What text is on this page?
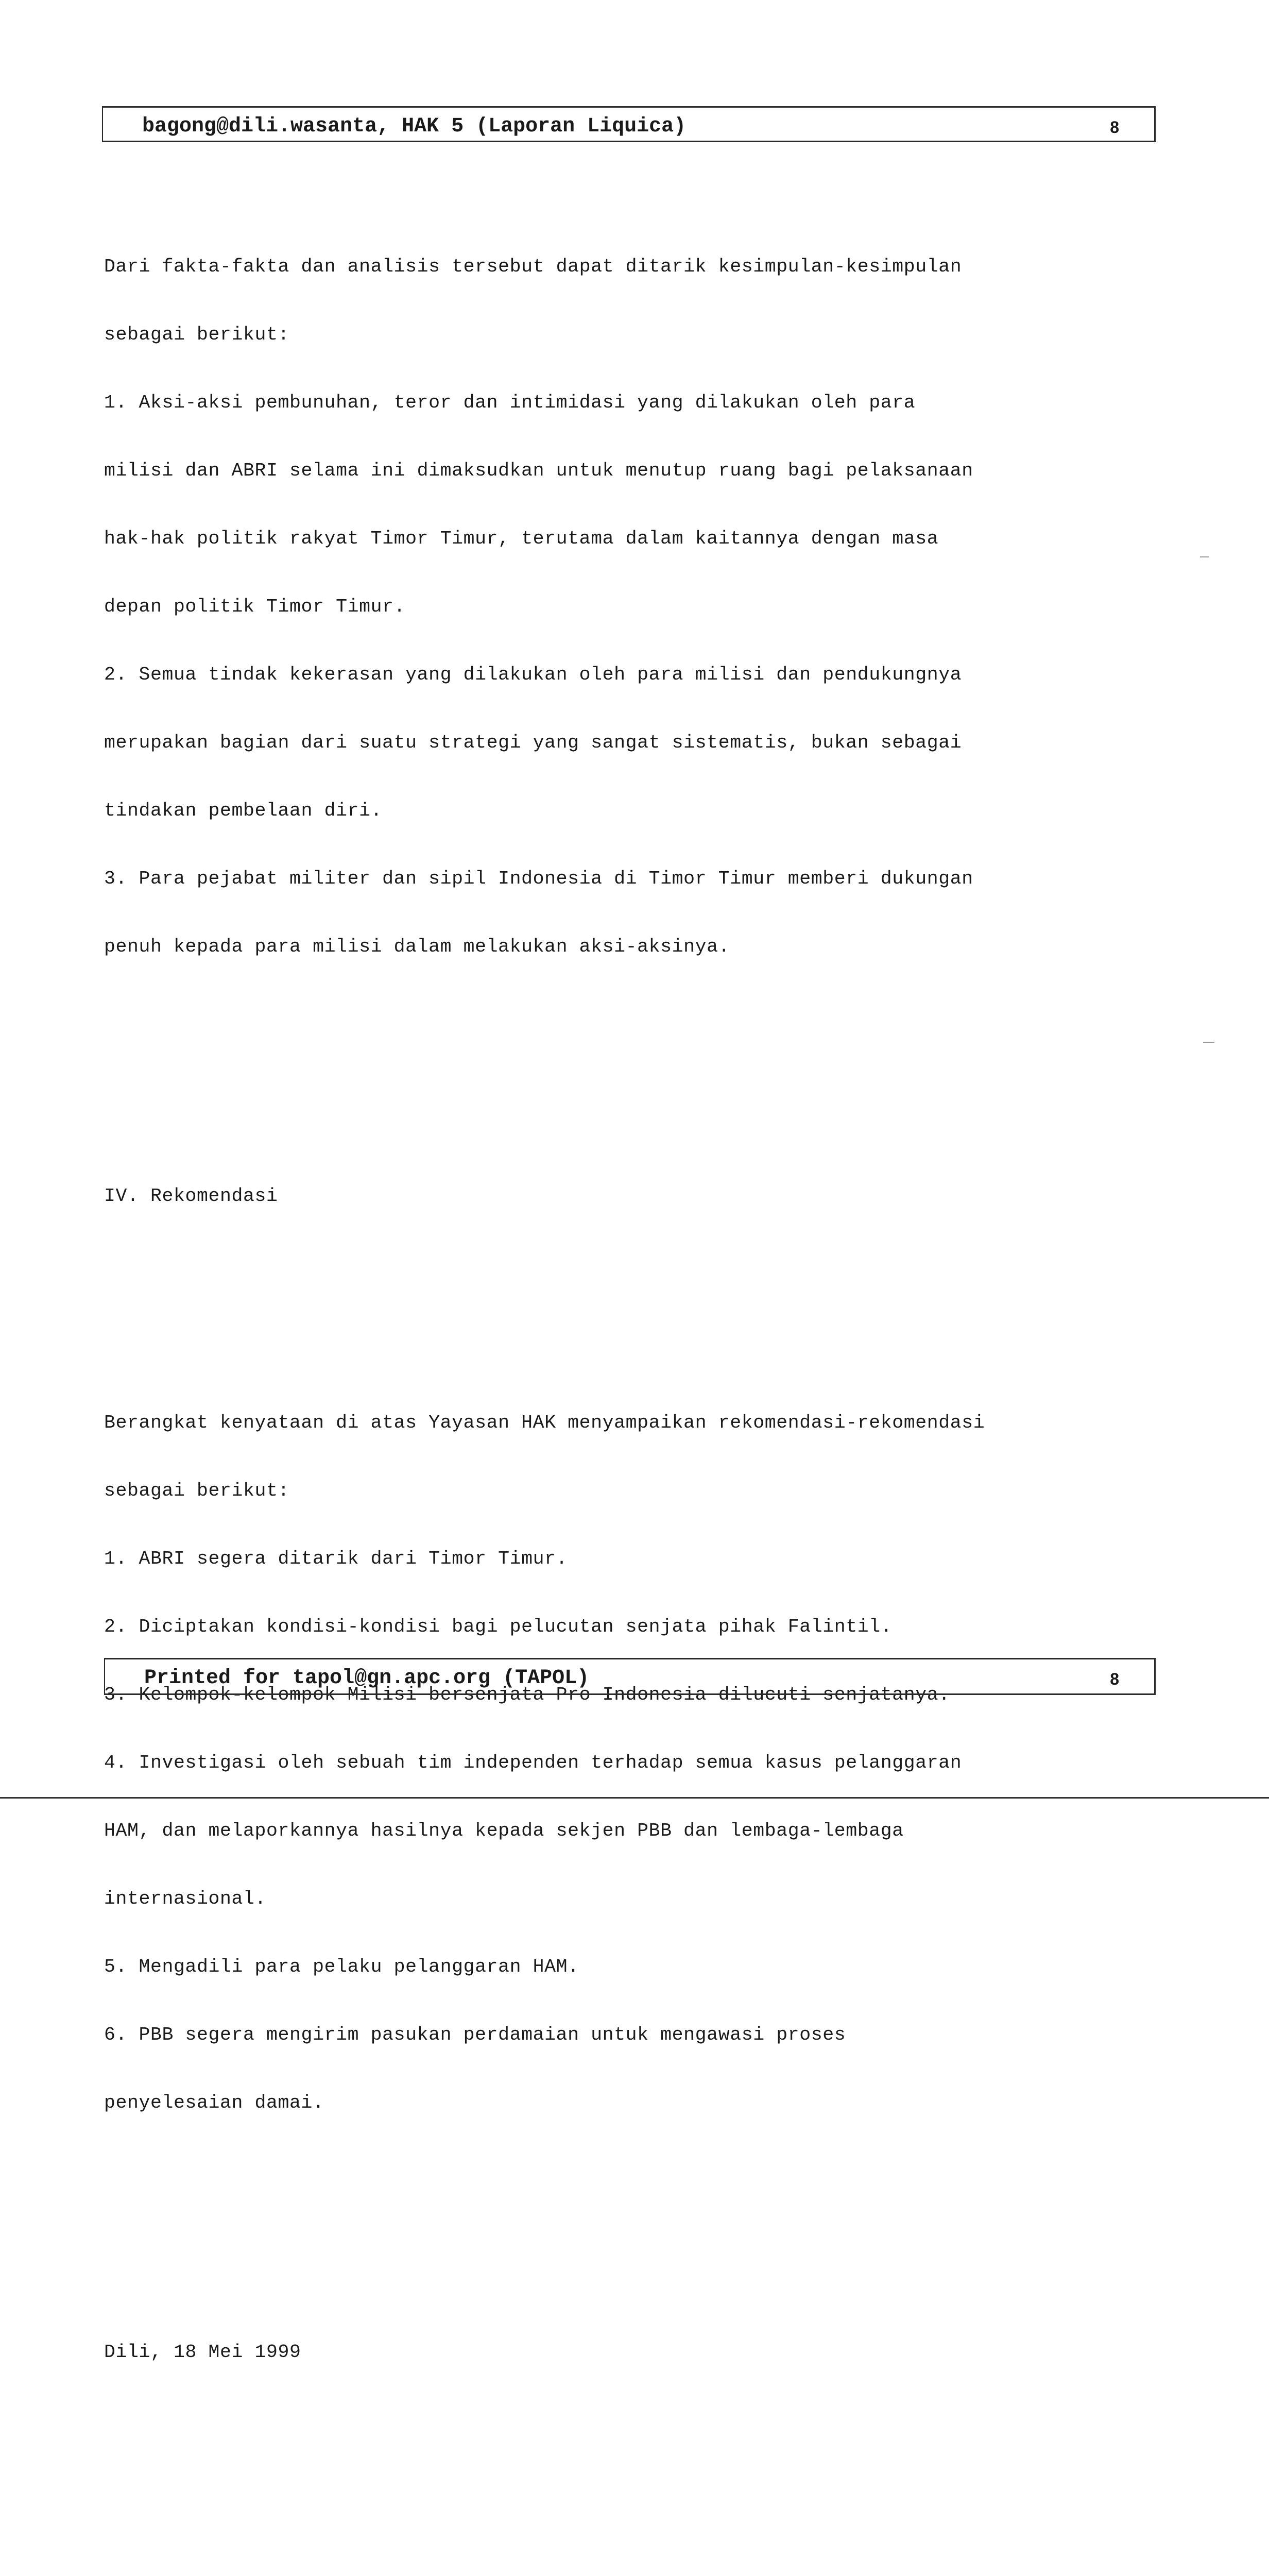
bagong@dili.wasanta, HAK 5 (Laporan Liquica)	8

Dari fakta-fakta dan analisis tersebut dapat ditarik kesimpulan-kesimpulan

sebagai berikut:

1. Aksi-aksi pembunuhan, teror dan intimidasi yang dilakukan oleh para

milisi dan ABRI selama ini dimaksudkan untuk menutup ruang bagi pelaksanaan

hak-hak politik rakyat Timor Timur, terutama dalam kaitannya dengan masa

depan politik Timor Timur.

2. Semua tindak kekerasan yang dilakukan oleh para milisi dan pendukungnya

merupakan bagian dari suatu strategi yang sangat sistematis, bukan sebagai

tindakan pembelaan diri.

3. Para pejabat militer dan sipil Indonesia di Timor Timur memberi dukungan

penuh kepada para milisi dalam melakukan aksi-aksinya.

IV. Rekomendasi

Berangkat kenyataan di atas Yayasan HAK menyampaikan rekomendasi-rekomendasi

sebagai berikut:

1. ABRI segera ditarik dari Timor Timur.

2. Diciptakan kondisi-kondisi bagi pelucutan senjata pihak Falintil.

3. Kelompok-kelompok Milisi bersenjata Pro Indonesia dilucuti senjatanya.

4. Investigasi oleh sebuah tim independen terhadap semua kasus pelanggaran

HAM, dan melaporkannya hasilnya kepada sekjen PBB dan lembaga-lembaga

internasional.

5. Mengadili para pelaku pelanggaran HAM.

6. PBB segera mengirim pasukan perdamaian untuk mengawasi proses

penyelesaian damai.

Dili, 18 Mei 1999

Printed for tapol@gn.apc.org (TAPOL)	8
